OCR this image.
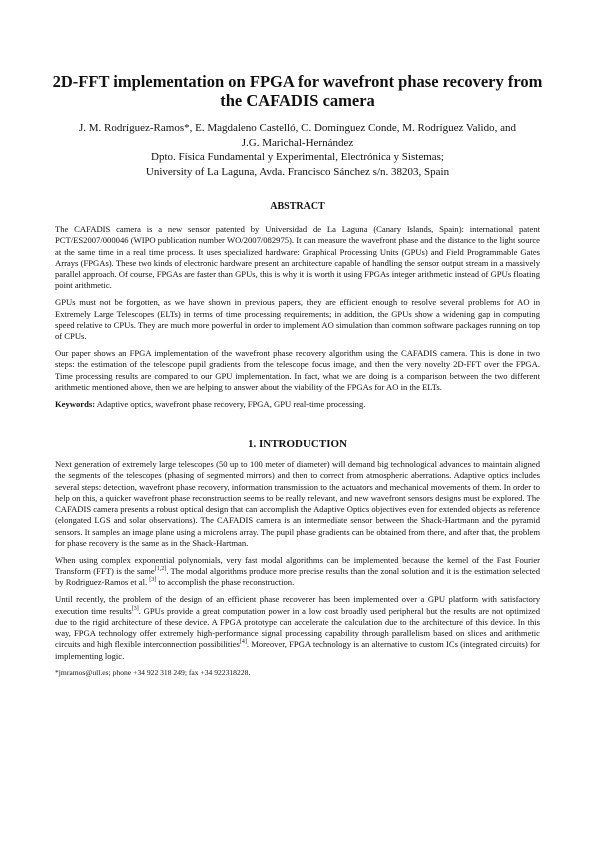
2D-FFT implementation on FPGA for wavefront phase recovery from the CAFADIS camera
J. M. Rodríguez-Ramos*, E. Magdaleno Castelló, C. Domínguez Conde, M. Rodríguez Valido, and
J.G. Marichal-Hernández
Dpto. Física Fundamental y Experimental, Electrónica y Sistemas;
University of La Laguna, Avda. Francisco Sánchez s/n. 38203, Spain
ABSTRACT

The CAFADIS camera is a new sensor patented by Universidad de La Laguna (Canary Islands, Spain): international patent PCT/ES2007/000046 (WIPO publication number WO/2007/082975). It can measure the wavefront phase and the distance to the light source at the same time in a real time process. It uses specialized hardware: Graphical Processing Units (GPUs) and Field Programmable Gates Arrays (FPGAs). These two kinds of electronic hardware present an architecture capable of handling the sensor output stream in a massively parallel approach. Of course, FPGAs are faster than GPUs, this is why it is worth it using FPGAs integer arithmetic instead of GPUs floating point arithmetic.

GPUs must not be forgotten, as we have shown in previous papers, they are efficient enough to resolve several problems for AO in Extremely Large Telescopes (ELTs) in terms of time processing requirements; in addition, the GPUs show a widening gap in computing speed relative to CPUs. They are much more powerful in order to implement AO simulation than common software packages running on top of CPUs.

Our paper shows an FPGA implementation of the wavefront phase recovery algorithm using the CAFADIS camera. This is done in two steps: the estimation of the telescope pupil gradients from the telescope focus image, and then the very novelty 2D-FFT over the FPGA. Time processing results are compared to our GPU implementation. In fact, what we are doing is a comparison between the two different arithmetic mentioned above, then we are helping to answer about the viability of the FPGAs for AO in the ELTs.

Keywords: Adaptive optics, wavefront phase recovery, FPGA, GPU real-time processing.

1. INTRODUCTION

Next generation of extremely large telescopes (50 up to 100 meter of diameter) will demand big technological advances to maintain aligned the segments of the telescopes (phasing of segmented mirrors) and then to correct from atmospheric aberrations. Adaptive optics includes several steps: detection, wavefront phase recovery, information transmission to the actuators and mechanical movements of them. In order to help on this, a quicker wavefront phase reconstruction seems to be really relevant, and new wavefront sensors designs must be explored. The CAFADIS camera presents a robust optical design that can accomplish the Adaptive Optics objectives even for extended objects as reference (elongated LGS and solar observations). The CAFADIS camera is an intermediate sensor between the Shack-Hartmann and the pyramid sensors. It samples an image plane using a microlens array. The pupil phase gradients can be obtained from there, and after that, the problem for phase recovery is the same as in the Shack-Hartman.

When using complex exponential polynomials, very fast modal algorithms can be implemented because the kernel of the Fast Fourier Transform (FFT) is the same[1,2]. The modal algorithms produce more precise results than the zonal solution and it is the estimation selected by Rodriguez-Ramos et al. [3] to accomplish the phase reconstruction.

Until recently, the problem of the design of an efficient phase recoverer has been implemented over a GPU platform with satisfactory execution time results[3]. GPUs provide a great computation power in a low cost broadly used peripheral but the results are not optimized due to the rigid architecture of these device. A FPGA prototype can accelerate the calculation due to the architecture of this device. In this way, FPGA technology offer extremely high-performance signal processing capability through parallelism based on slices and arithmetic circuits and high flexible interconnection possibilities[4]. Moreover, FPGA technology is an alternative to custom ICs (integrated circuits) for implementing logic.

*jmramos@ull.es; phone +34 922 318 249; fax +34 922318228.
